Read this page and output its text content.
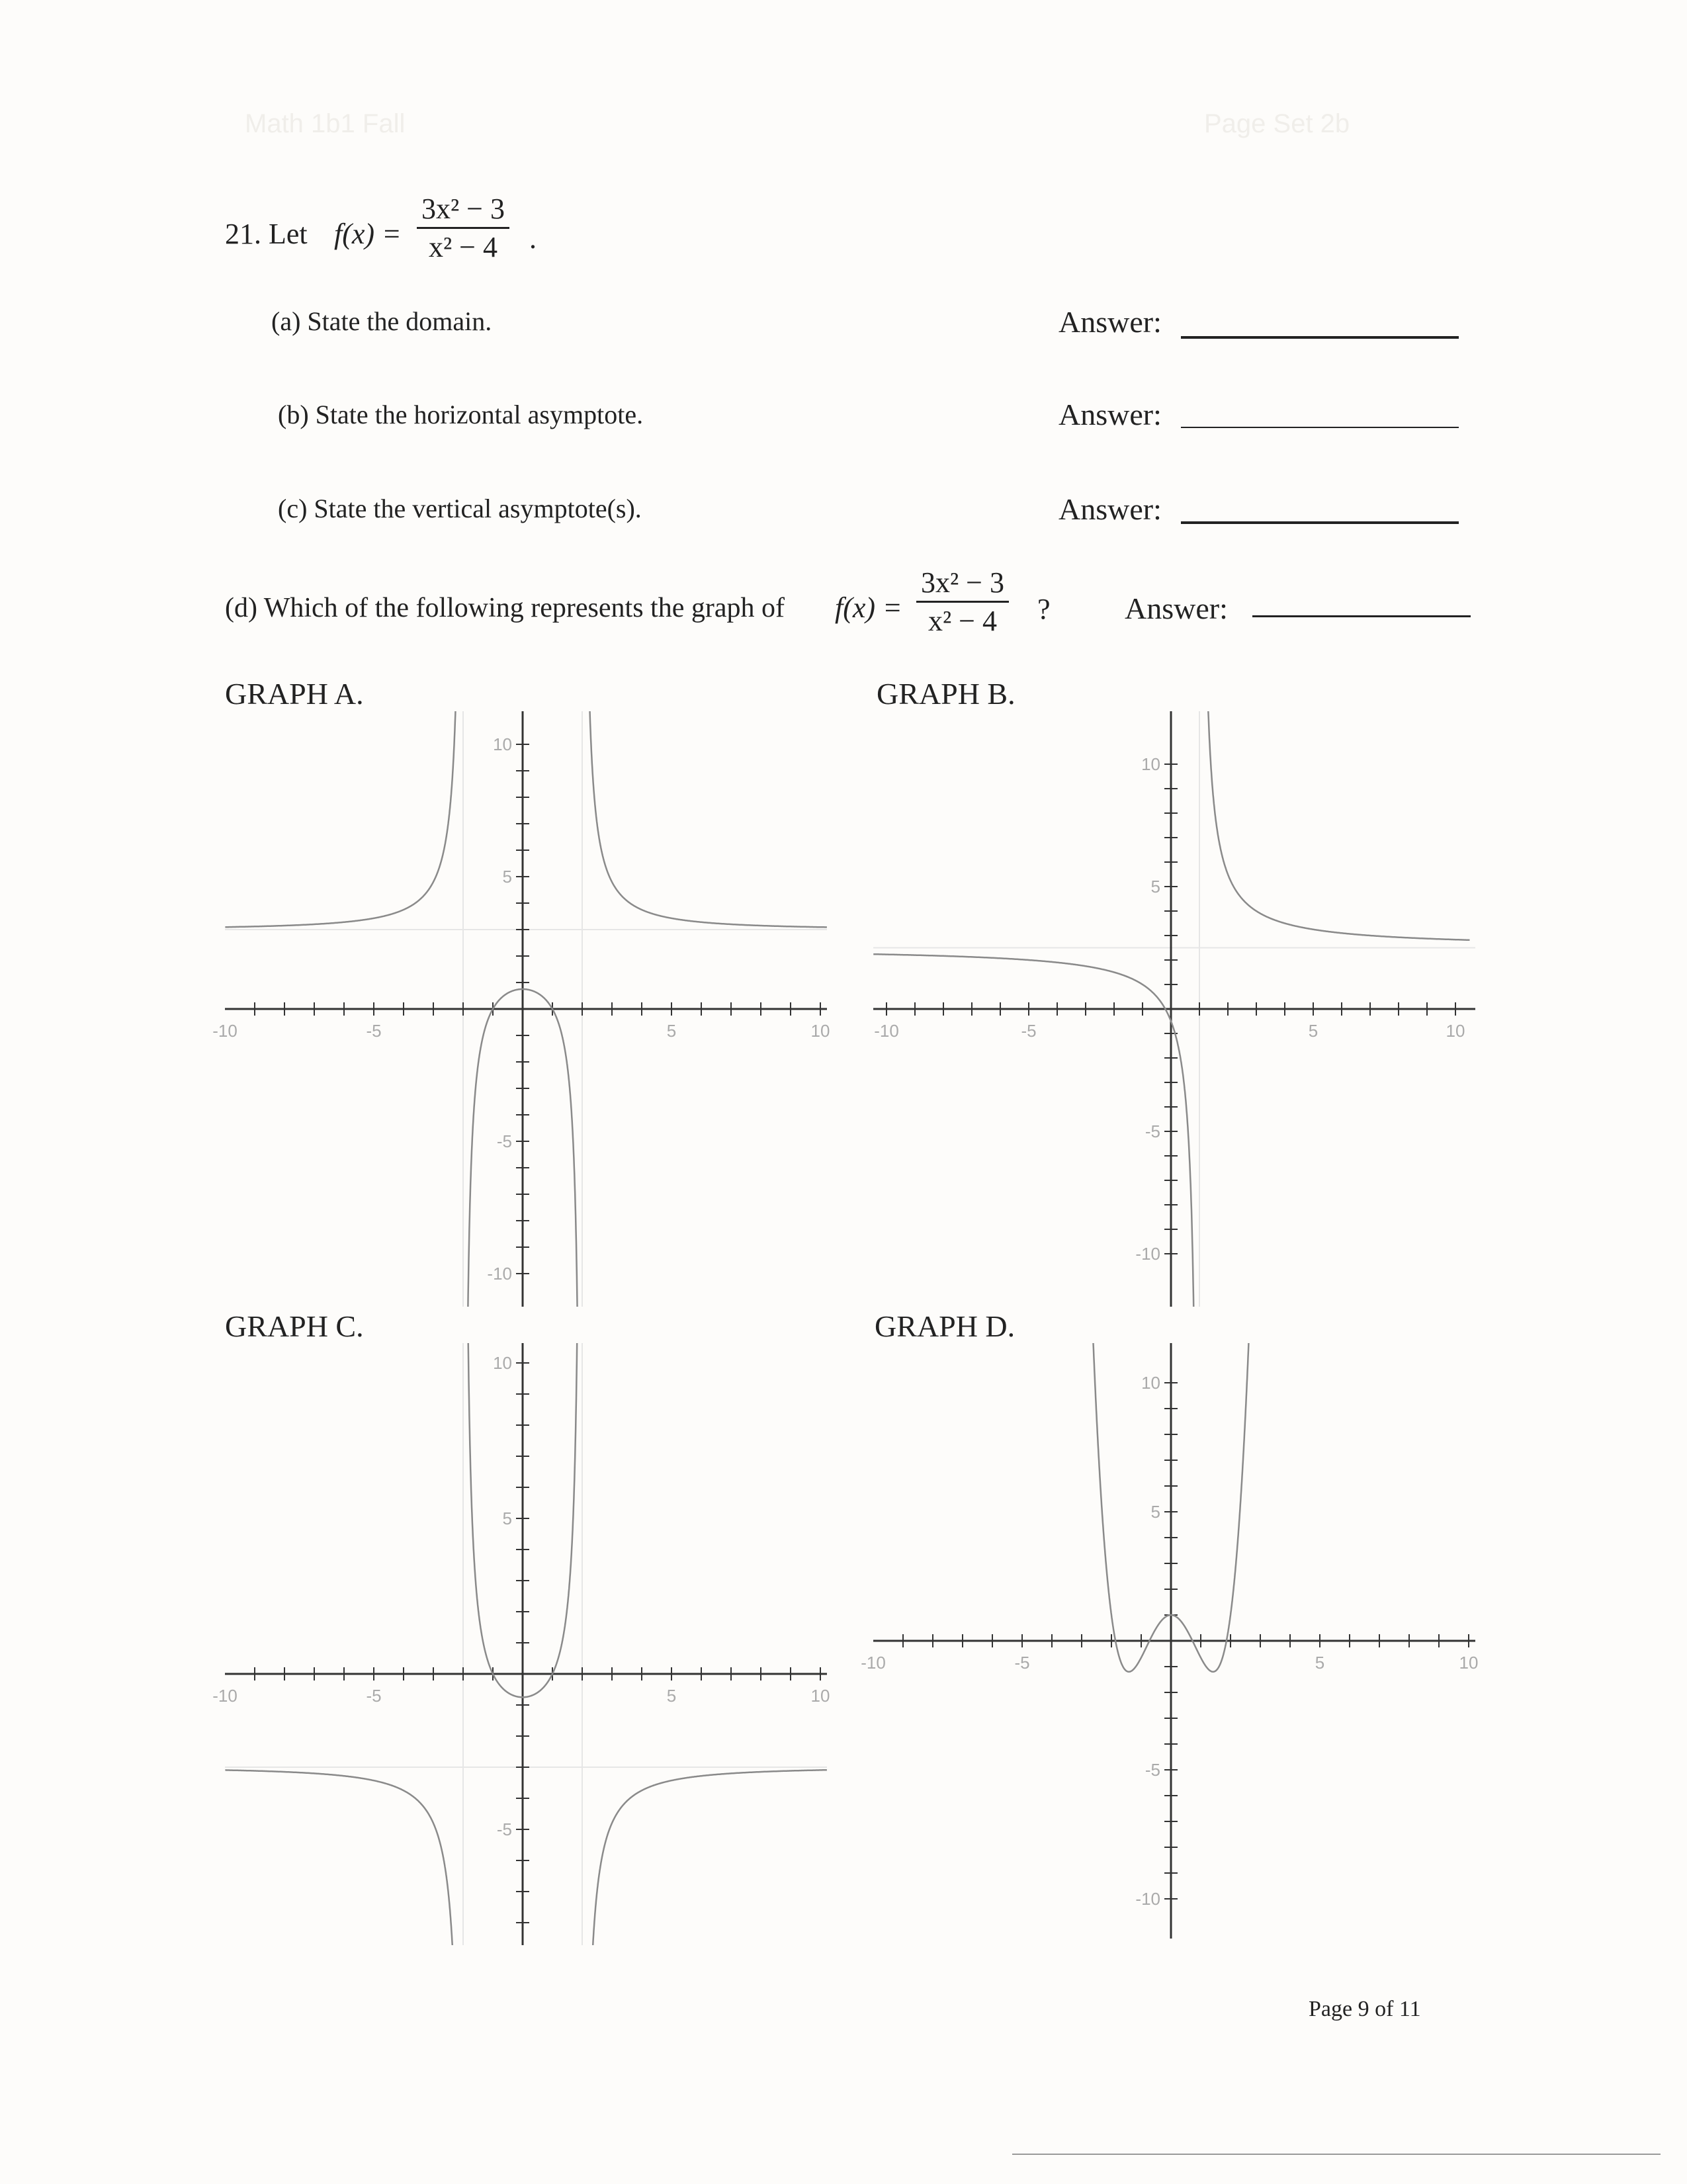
Math 1b1 Fall	Page Set 2b
21. Let f(x) =
3x² − 3
x² − 4	.
(a) State the domain.	Answer:
(b) State the horizontal asymptote.	Answer:
(c) State the vertical asymptote(s).	Answer:
(d) Which of the following represents the graph of f(x) =
3x² − 3
x² − 4	? Answer:
GRAPH A.	GRAPH B.
GRAPH C.	GRAPH D.
-10	-5	5	10
10
5
-5
-10
-10	-5	5	10
10
5
-5
-10
-10	-5	5	10
10
5
-5
-10	-5	5	10
10
5
-5
-10
Page 9 of 11
